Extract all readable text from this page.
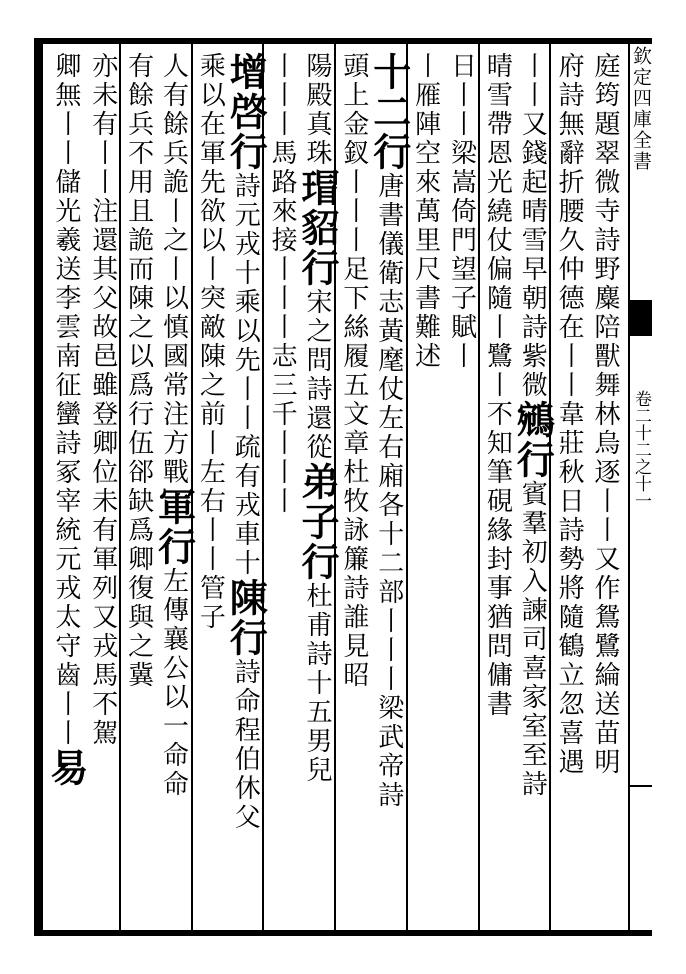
欽定四庫全書
卷二十二之十一
庭筠題翠微寺詩野麋陪獸舞林烏逐丨丨又作鴛鷺綸送苗明
府詩無辭折腰久仲德在丨丨韋莊秋日詩勢將隨鶴立忽喜遇
丨丨又錢起晴雪早朝詩紫微鵷行賓羣初入諫司喜家室至詩
晴雪帶恩光繞仗偏隨丨鷺丨不知筆硯緣封事猶問傭書
日丨丨梁嵩倚門望子賦丨
丨雁陣空來萬里尺書難述
十二行唐書儀衛志黃麾仗左右廂各十二部丨丨丨梁武帝詩
頭上金釵丨丨丨足下絲履五文章杜牧詠簾詩誰見昭
陽殿真珠瑁貂行宋之問詩還從弟子行杜甫詩十五男兒
丨丨丨馬路來接丨丨丨志三千丨丨丨
增啓行詩元戎十乘以先丨丨疏有戎車十陳行詩命程伯休父
乘以在軍先欲以丨突敵陳之前丨左右丨丨管子
人有餘兵詭丨之丨以慎國常注方戰軍行左傳襄公以一命命
有餘兵不用且詭而陳之以爲行伍郤缺爲卿復與之冀
亦未有丨丨注還其父故邑雖登卿位未有軍列又戎馬不駕
卿無丨丨儲光羲送李雲南征蠻詩冢宰統元戎太守齒丨丨易
